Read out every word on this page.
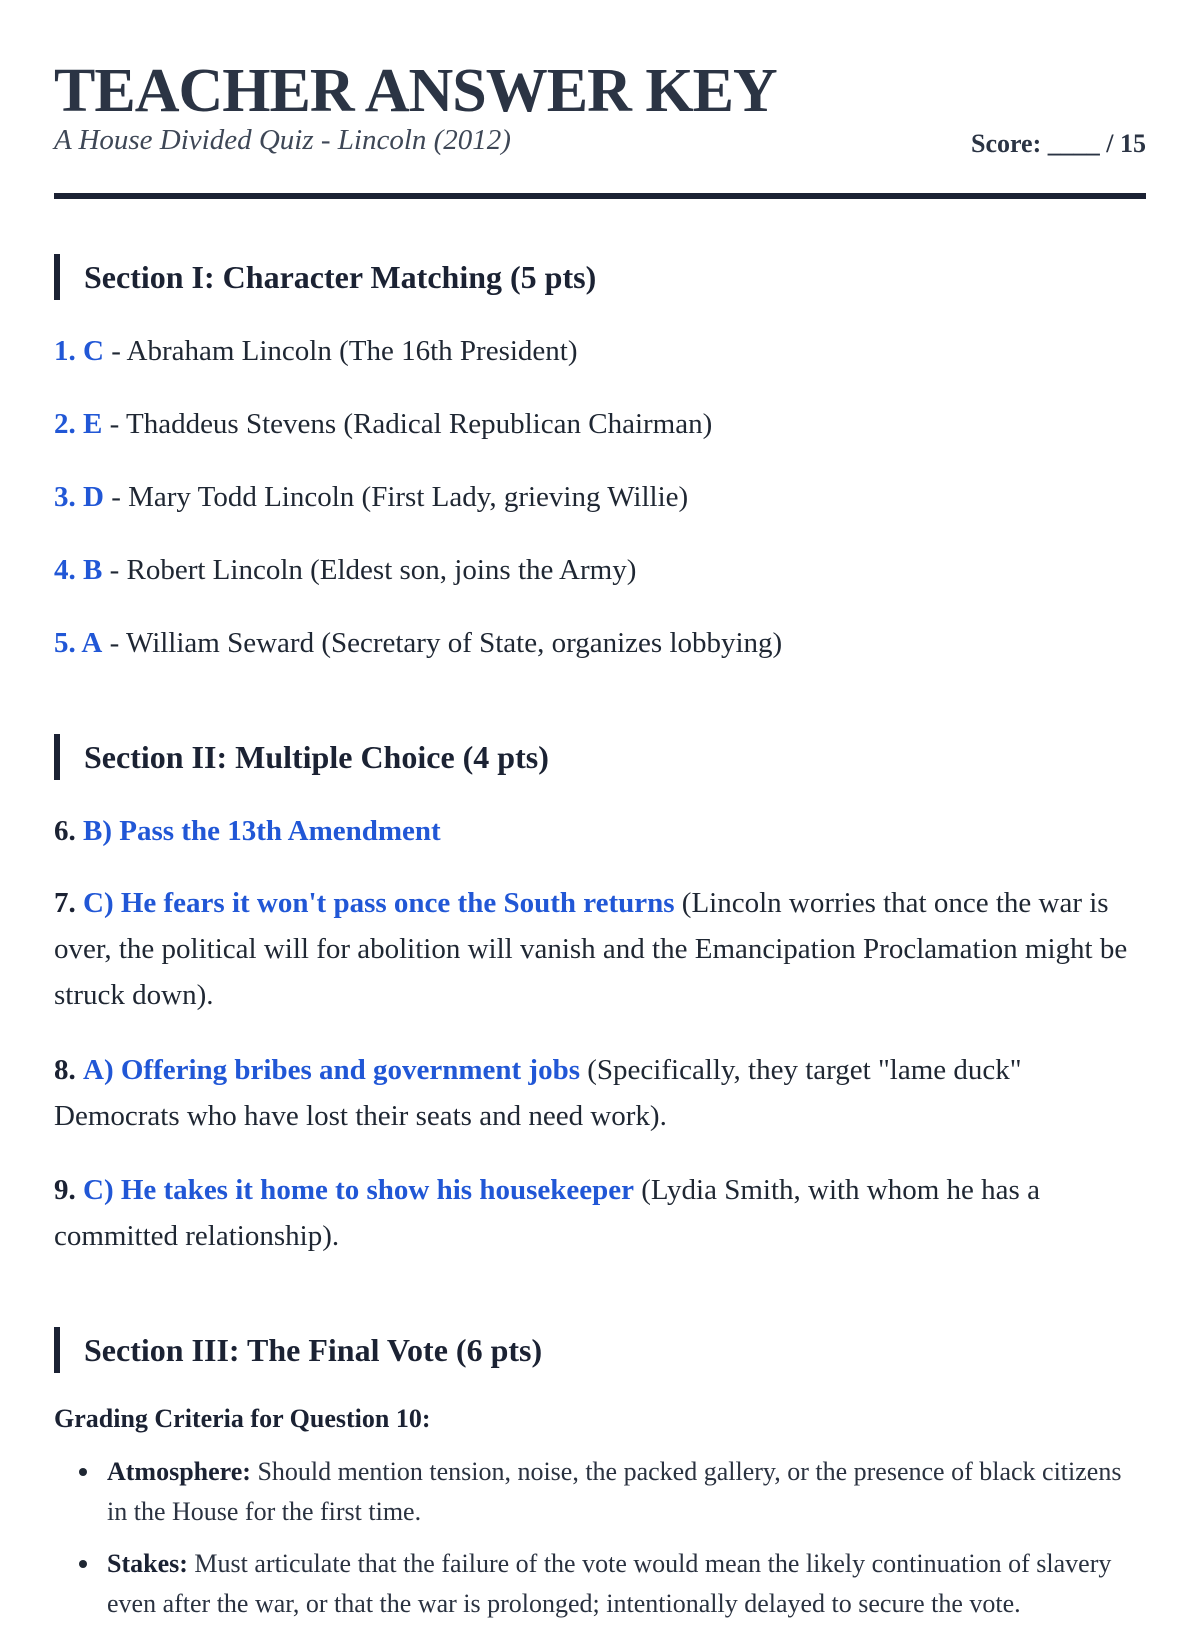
TEACHER ANSWER KEY
A House Divided Quiz - Lincoln (2012)	Score: ____ / 15
Section I: Character Matching (5 pts)

1. C - Abraham Lincoln (The 16th President)

2. E - Thaddeus Stevens (Radical Republican Chairman)

3. D - Mary Todd Lincoln (First Lady, grieving Willie)

4. B - Robert Lincoln (Eldest son, joins the Army)

5. A - William Seward (Secretary of State, organizes lobbying)

Section II: Multiple Choice (4 pts)

6. B) Pass the 13th Amendment

7. C) He fears it won't pass once the South returns (Lincoln worries that once the war is over, the political will for abolition will vanish and the Emancipation Proclamation might be struck down).

8. A) Offering bribes and government jobs (Specifically, they target "lame duck" Democrats who have lost their seats and need work).

9. C) He takes it home to show his housekeeper (Lydia Smith, with whom he has a committed relationship).

Section III: The Final Vote (6 pts)
Grading Criteria for Question 10:
Atmosphere: Should mention tension, noise, the packed gallery, or the presence of black citizens in the House for the first time.
Stakes: Must articulate that the failure of the vote would mean the likely continuation of slavery even after the war, or that the war is prolonged; intentionally delayed to secure the vote.
